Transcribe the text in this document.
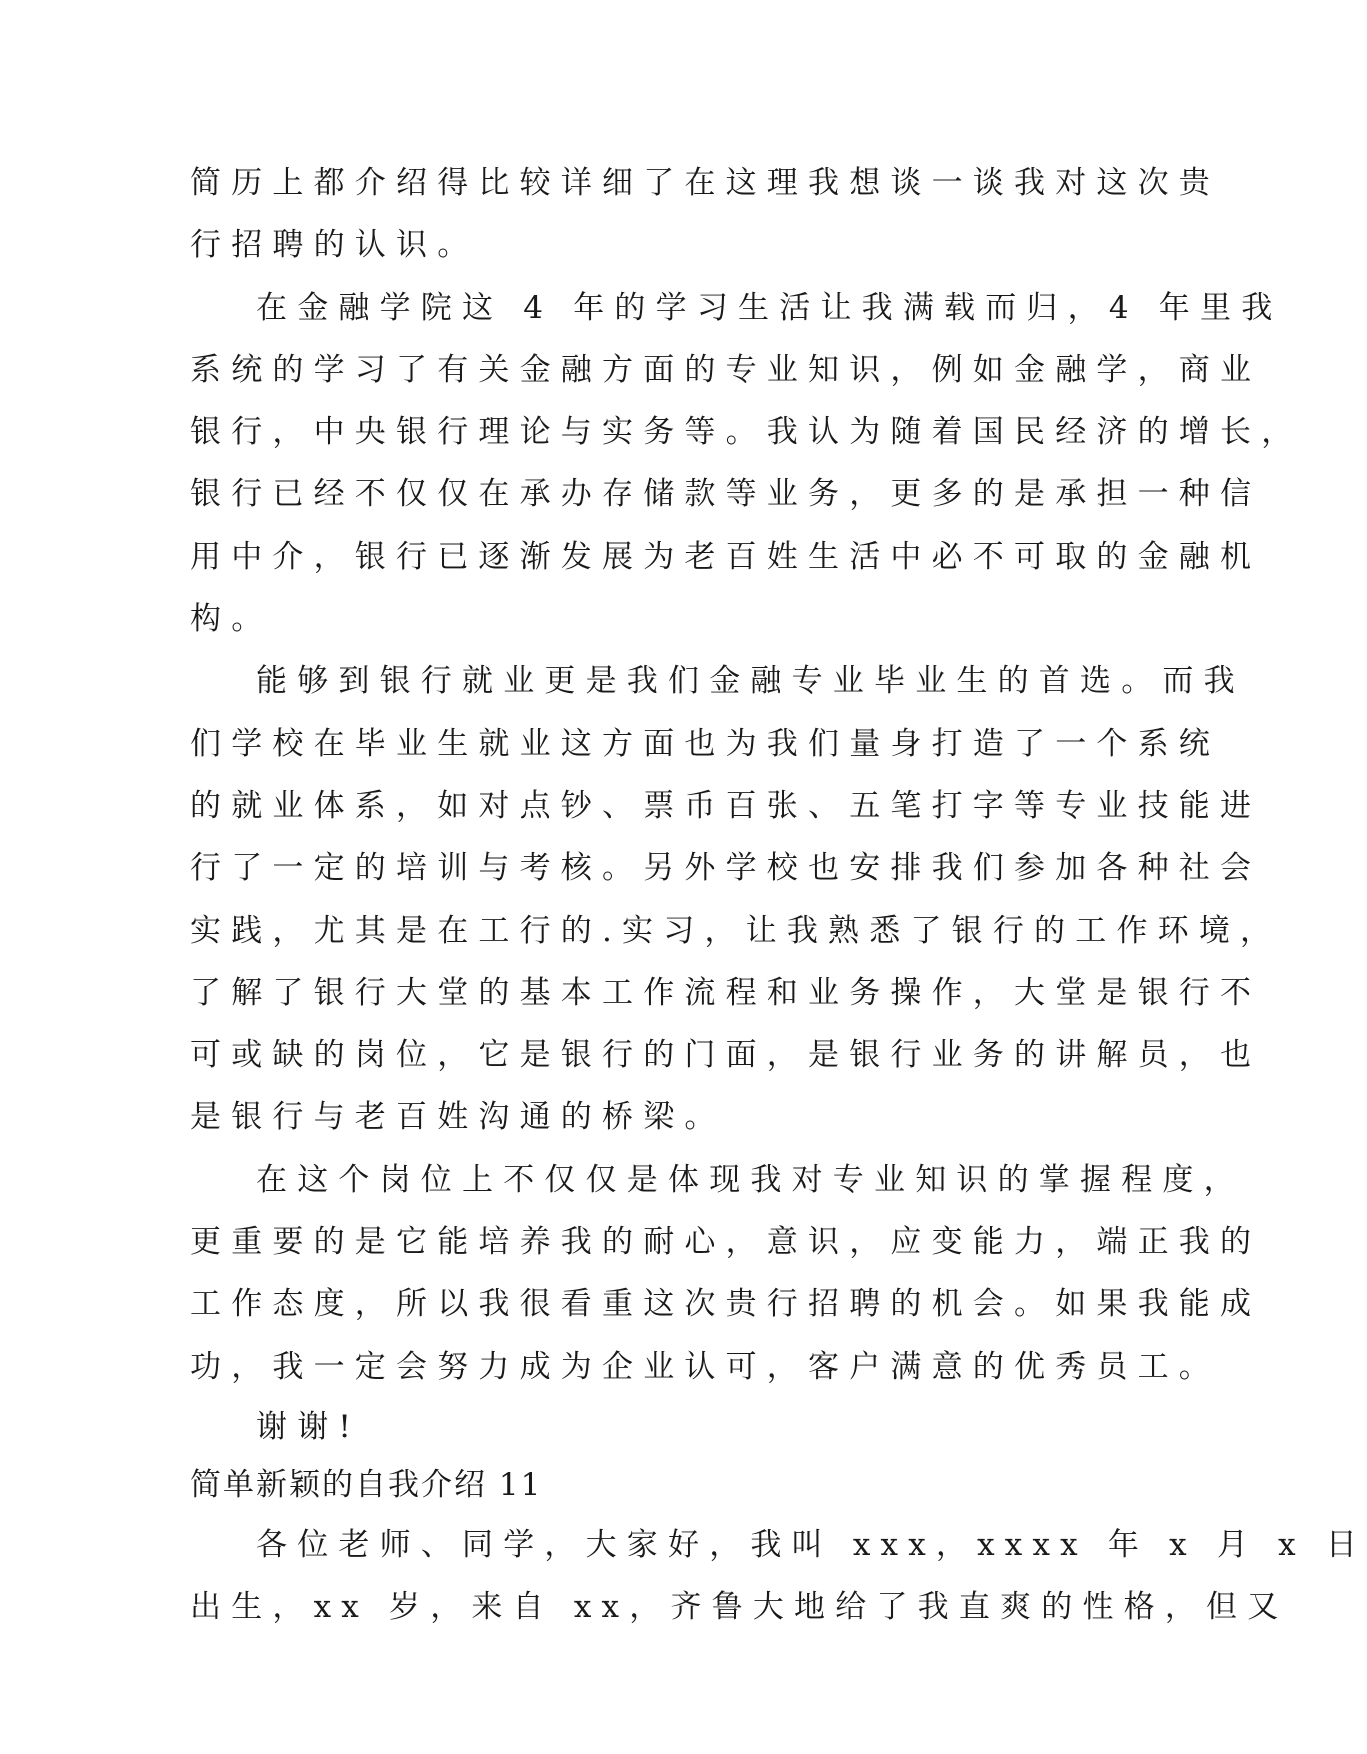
简历上都介绍得比较详细了在这理我想谈一谈我对这次贵
行招聘的认识。
在金融学院这 4 年的学习生活让我满载而归，4 年里我
系统的学习了有关金融方面的专业知识，例如金融学，商业
银行，中央银行理论与实务等。我认为随着国民经济的增长，
银行已经不仅仅在承办存储款等业务，更多的是承担一种信
用中介，银行已逐渐发展为老百姓生活中必不可取的金融机
构。
能够到银行就业更是我们金融专业毕业生的首选。而我
们学校在毕业生就业这方面也为我们量身打造了一个系统
的就业体系，如对点钞、票币百张、五笔打字等专业技能进
行了一定的培训与考核。另外学校也安排我们参加各种社会
实践，尤其是在工行的.实习，让我熟悉了银行的工作环境，
了解了银行大堂的基本工作流程和业务操作，大堂是银行不
可或缺的岗位，它是银行的门面，是银行业务的讲解员，也
是银行与老百姓沟通的桥梁。
在这个岗位上不仅仅是体现我对专业知识的掌握程度，
更重要的是它能培养我的耐心，意识，应变能力，端正我的
工作态度，所以我很看重这次贵行招聘的机会。如果我能成
功，我一定会努力成为企业认可，客户满意的优秀员工。
谢谢!
简单新颖的自我介绍 11
各位老师、同学，大家好，我叫 xxx，xxxx 年 x 月 x 日
出生，xx 岁，来自 xx，齐鲁大地给了我直爽的性格，但又
